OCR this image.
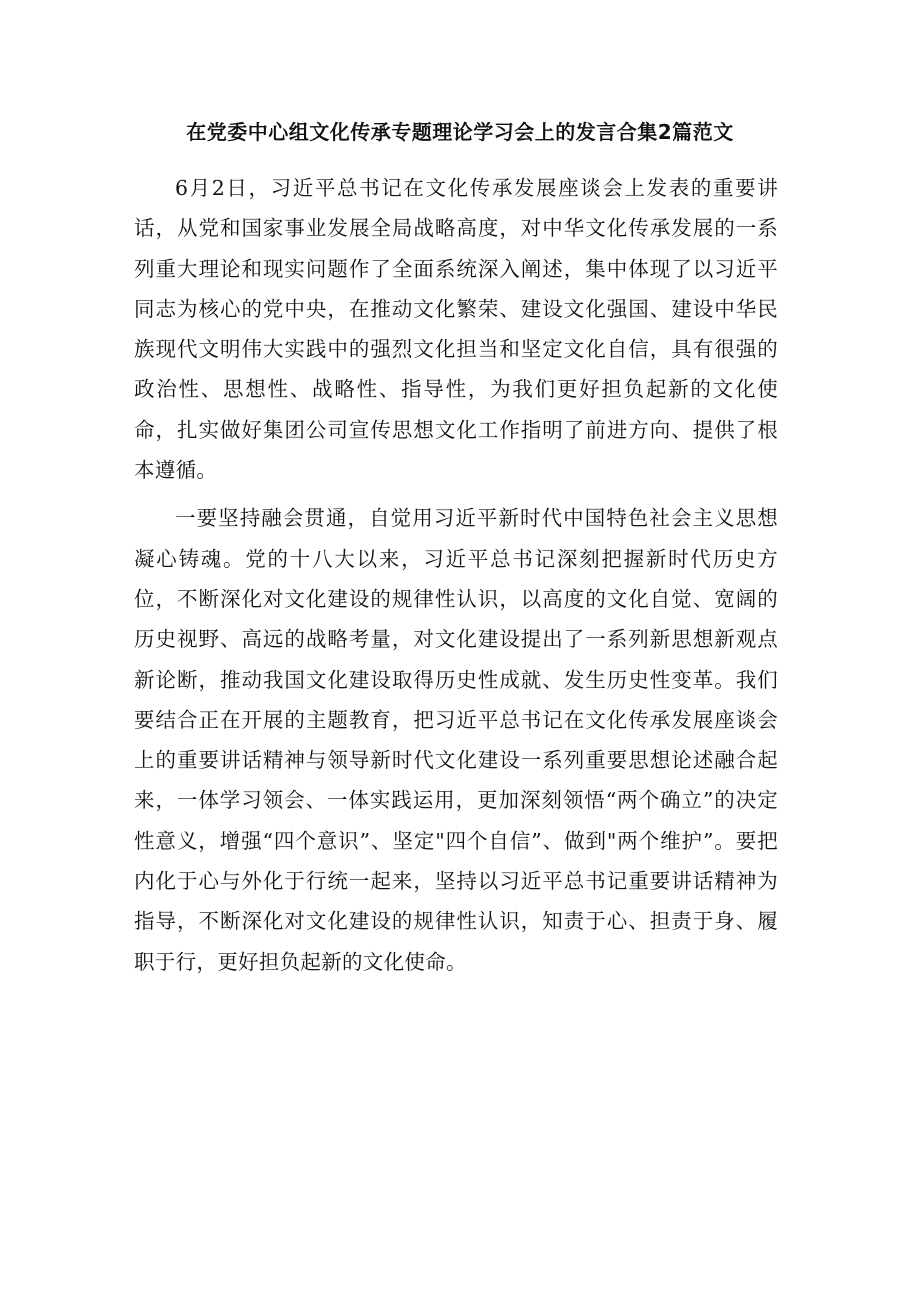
在党委中心组文化传承专题理论学习会上的发言合集2篇范文

6月2日，习近平总书记在文化传承发展座谈会上发表的重要讲话，从党和国家事业发展全局战略高度，对中华文化传承发展的一系列重大理论和现实问题作了全面系统深入阐述，集中体现了以习近平同志为核心的党中央，在推动文化繁荣、建设文化强国、建设中华民族现代文明伟大实践中的强烈文化担当和坚定文化自信，具有很强的政治性、思想性、战略性、指导性，为我们更好担负起新的文化使命，扎实做好集团公司宣传思想文化工作指明了前进方向、提供了根本遵循。

一要坚持融会贯通，自觉用习近平新时代中国特色社会主义思想凝心铸魂。党的十八大以来，习近平总书记深刻把握新时代历史方位，不断深化对文化建设的规律性认识，以高度的文化自觉、宽阔的历史视野、高远的战略考量，对文化建设提出了一系列新思想新观点新论断，推动我国文化建设取得历史性成就、发生历史性变革。我们要结合正在开展的主题教育，把习近平总书记在文化传承发展座谈会上的重要讲话精神与领导新时代文化建设一系列重要思想论述融合起来，一体学习领会、一体实践运用，更加深刻领悟“两个确立”的决定性意义，增强“四个意识”、坚定"四个自信”、做到"两个维护”。要把内化于心与外化于行统一起来，坚持以习近平总书记重要讲话精神为指导，不断深化对文化建设的规律性认识，知责于心、担责于身、履职于行，更好担负起新的文化使命。
